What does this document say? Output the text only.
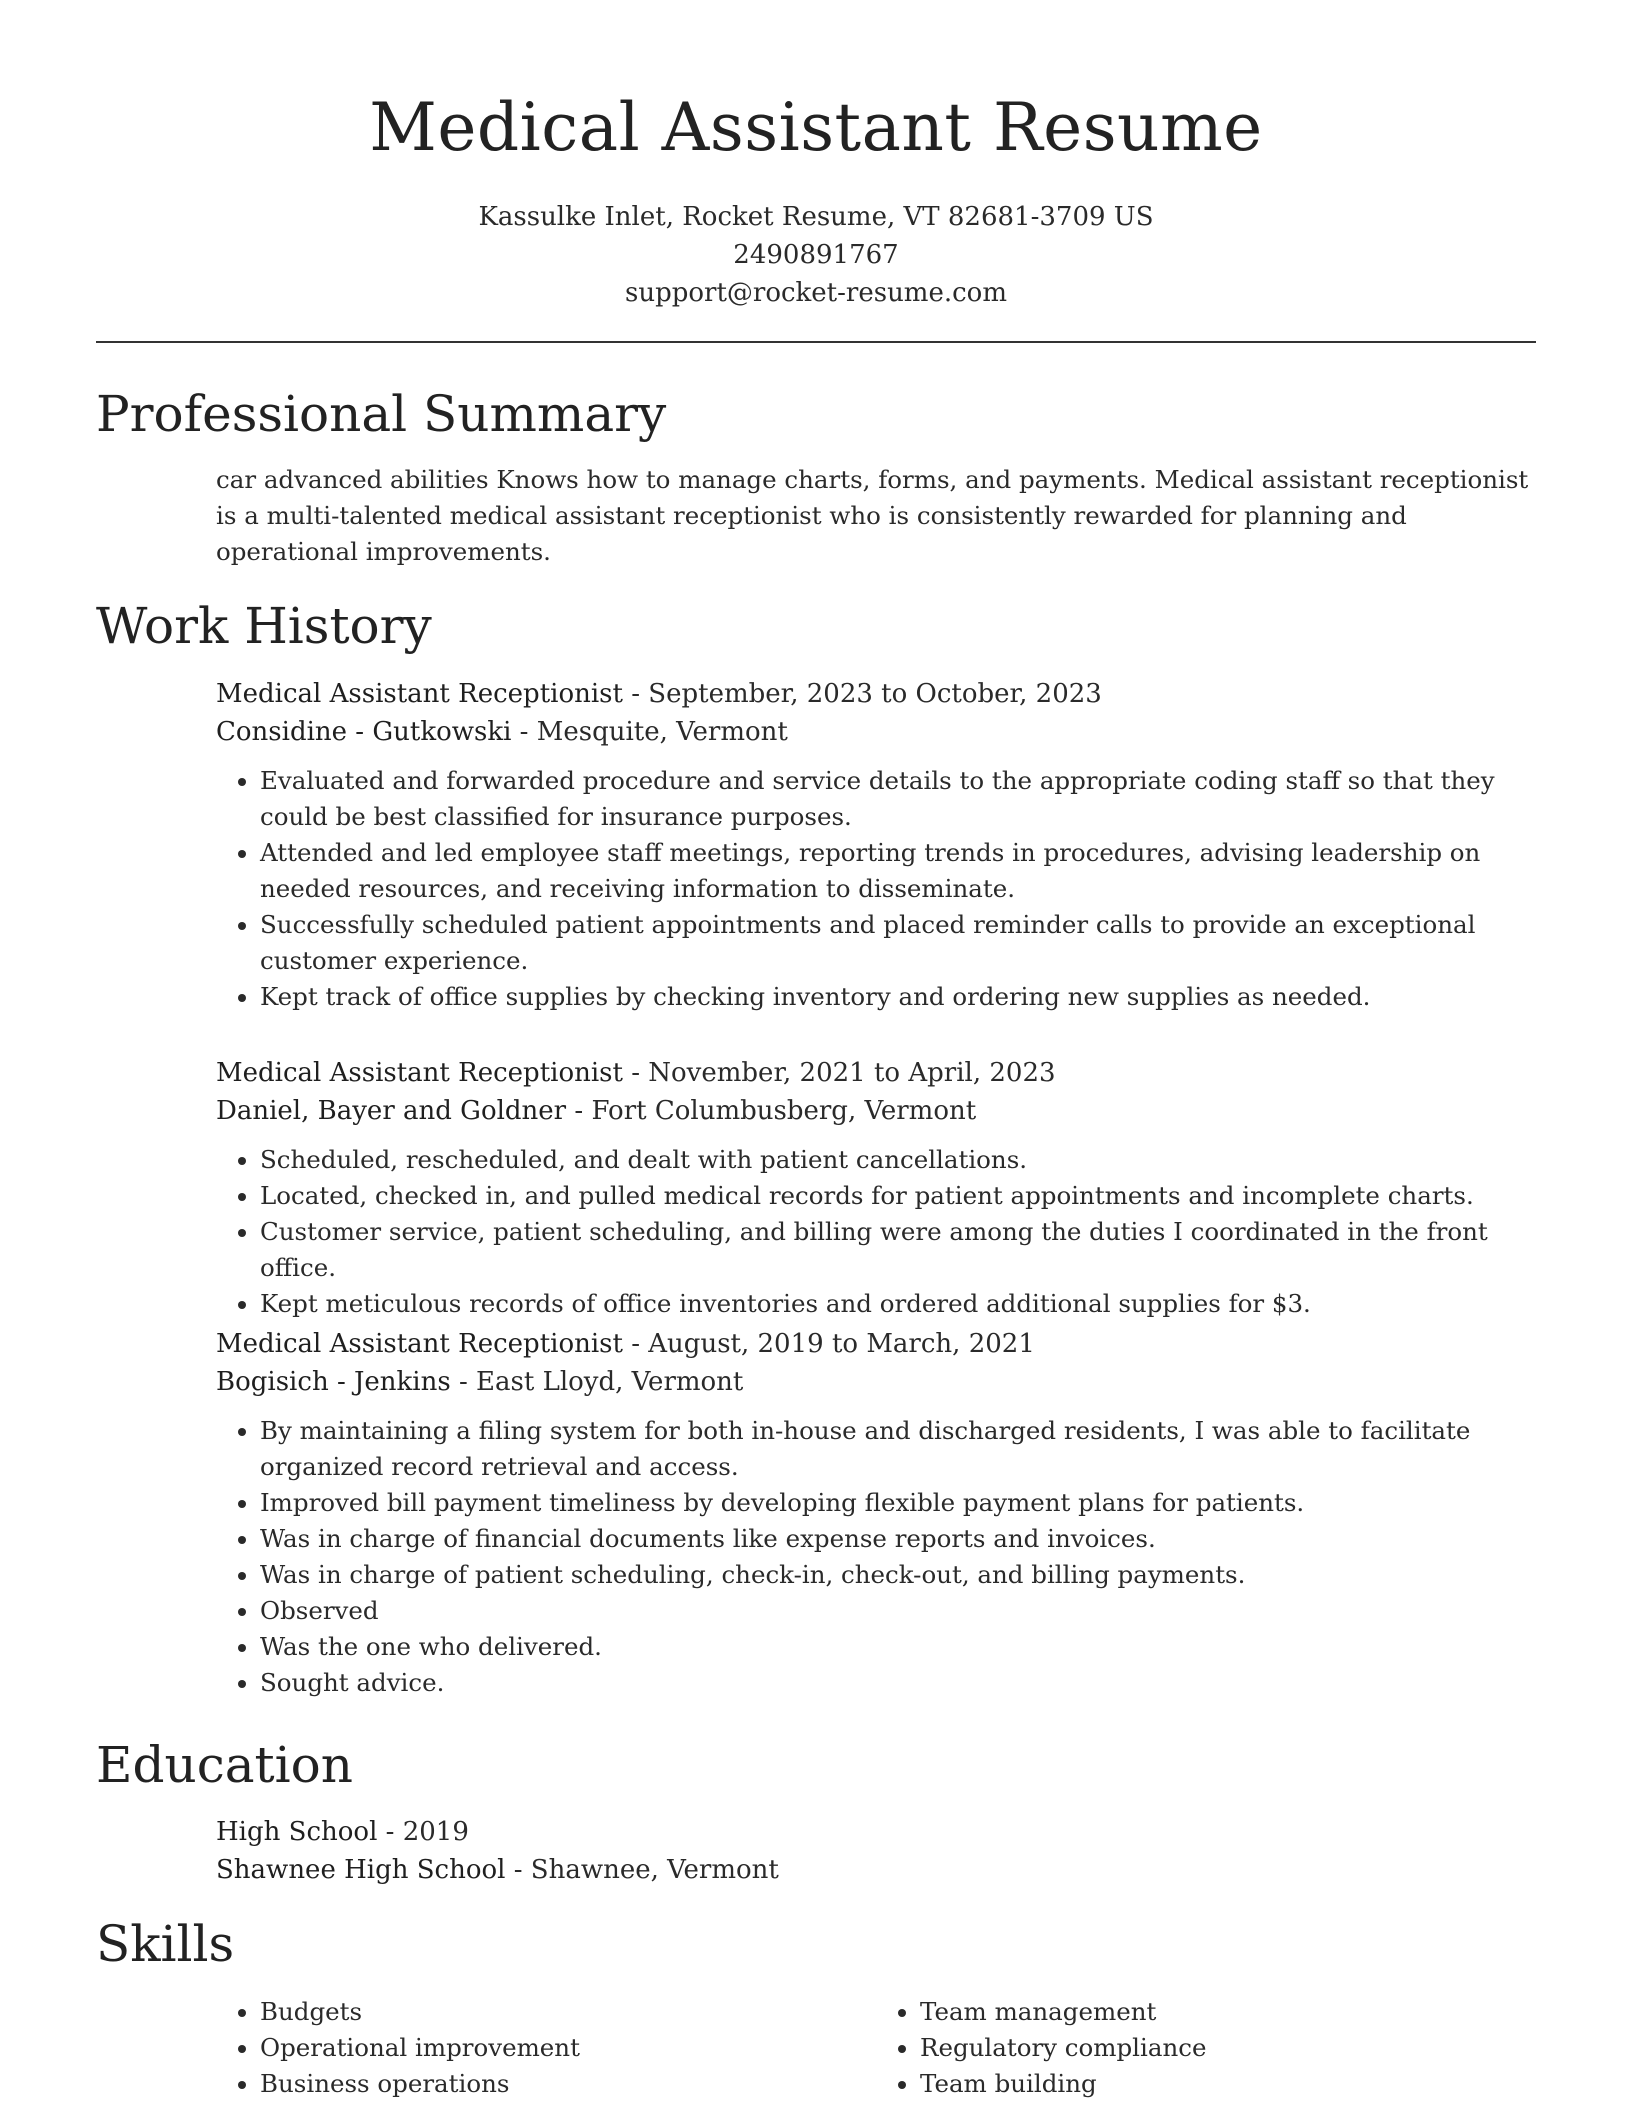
Medical Assistant Resume
Kassulke Inlet, Rocket Resume, VT 82681-3709 US
2490891767
support@rocket-resume.com
Professional Summary

car advanced abilities Knows how to manage charts, forms, and payments. Medical assistant receptionist is a multi-talented medical assistant receptionist who is consistently rewarded for planning and operational improvements.

Work History
Medical Assistant Receptionist - September, 2023 to October, 2023
Considine - Gutkowski - Mesquite, Vermont
• Evaluated and forwarded procedure and service details to the appropriate coding staff so that they could be best classified for insurance purposes.
• Attended and led employee staff meetings, reporting trends in procedures, advising leadership on needed resources, and receiving information to disseminate.
• Successfully scheduled patient appointments and placed reminder calls to provide an exceptional customer experience.
• Kept track of office supplies by checking inventory and ordering new supplies as needed.
Medical Assistant Receptionist - November, 2021 to April, 2023
Daniel, Bayer and Goldner - Fort Columbusberg, Vermont
• Scheduled, rescheduled, and dealt with patient cancellations.
• Located, checked in, and pulled medical records for patient appointments and incomplete charts.
• Customer service, patient scheduling, and billing were among the duties I coordinated in the front office.
• Kept meticulous records of office inventories and ordered additional supplies for $3.
Medical Assistant Receptionist - August, 2019 to March, 2021
Bogisich - Jenkins - East Lloyd, Vermont
• By maintaining a filing system for both in-house and discharged residents, I was able to facilitate organized record retrieval and access.
• Improved bill payment timeliness by developing flexible payment plans for patients.
• Was in charge of financial documents like expense reports and invoices.
• Was in charge of patient scheduling, check-in, check-out, and billing payments.
• Observed
• Was the one who delivered.
• Sought advice.
Education
High School - 2019
Shawnee High School - Shawnee, Vermont
Skills
• Budgets
• Operational improvement
• Business operations
• Team management
• Regulatory compliance
• Team building
